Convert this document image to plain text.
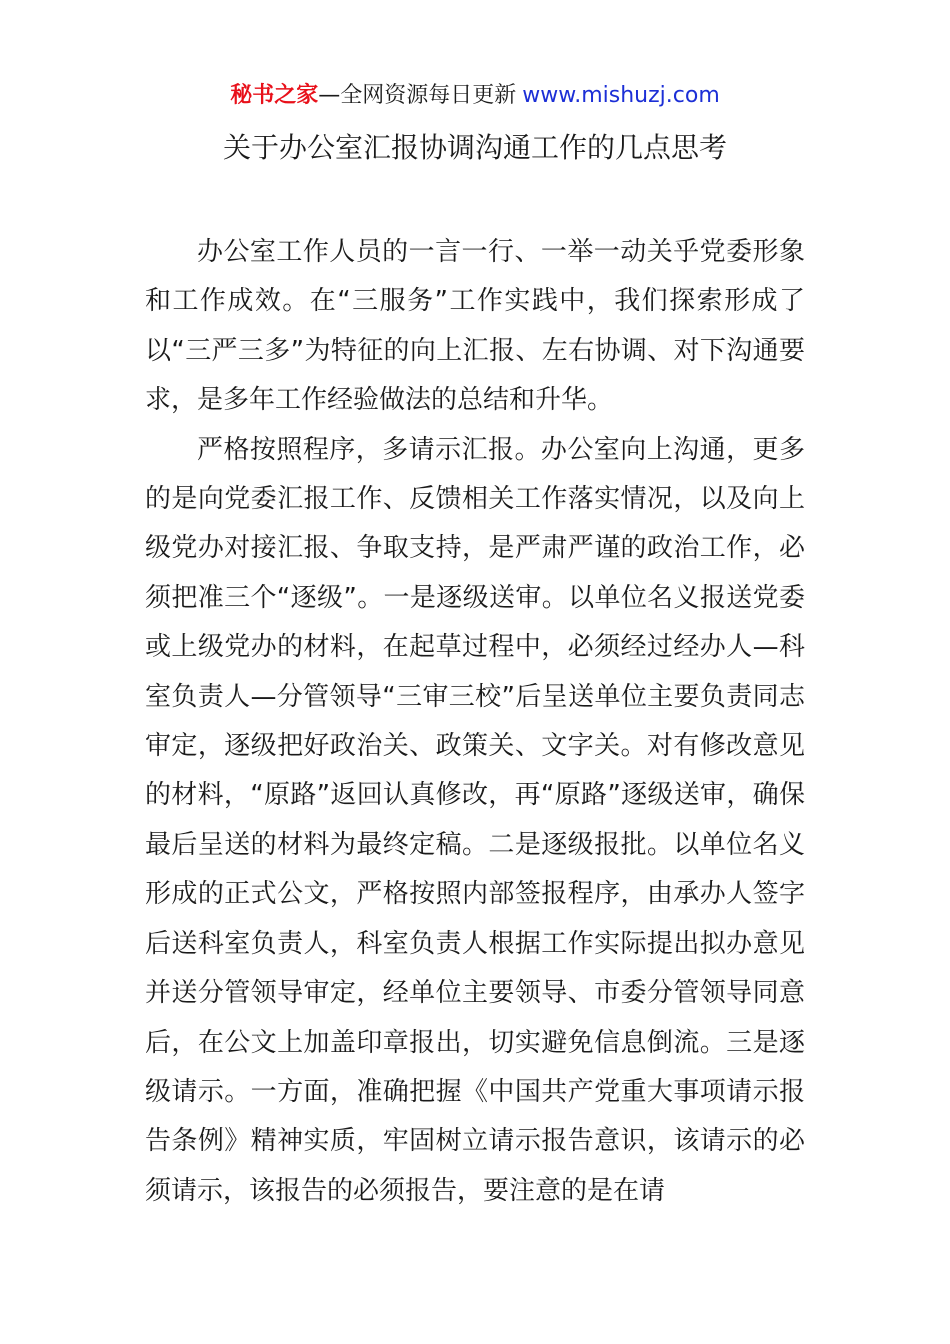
秘书之家—全网资源每日更新 www.mishuzj.com
关于办公室汇报协调沟通工作的几点思考

办公室工作人员的一言一行、一举一动关乎党委形象和工作成效。在“三服务”工作实践中，我们探索形成了以“三严三多”为特征的向上汇报、左右协调、对下沟通要求，是多年工作经验做法的总结和升华。

严格按照程序，多请示汇报。办公室向上沟通，更多的是向党委汇报工作、反馈相关工作落实情况，以及向上级党办对接汇报、争取支持，是严肃严谨的政治工作，必须把准三个“逐级”。一是逐级送审。以单位名义报送党委或上级党办的材料，在起草过程中，必须经过经办人—科室负责人—分管领导“三审三校”后呈送单位主要负责同志审定，逐级把好政治关、政策关、文字关。对有修改意见的材料，“原路”返回认真修改，再“原路”逐级送审，确保最后呈送的材料为最终定稿。二是逐级报批。以单位名义形成的正式公文，严格按照内部签报程序，由承办人签字后送科室负责人，科室负责人根据工作实际提出拟办意见并送分管领导审定，经单位主要领导、市委分管领导同意后，在公文上加盖印章报出，切实避免信息倒流。三是逐级请示。一方面，准确把握《中国共产党重大事项请示报告条例》精神实质，牢固树立请示报告意识，该请示的必须请示，该报告的必须报告，要注意的是在请
